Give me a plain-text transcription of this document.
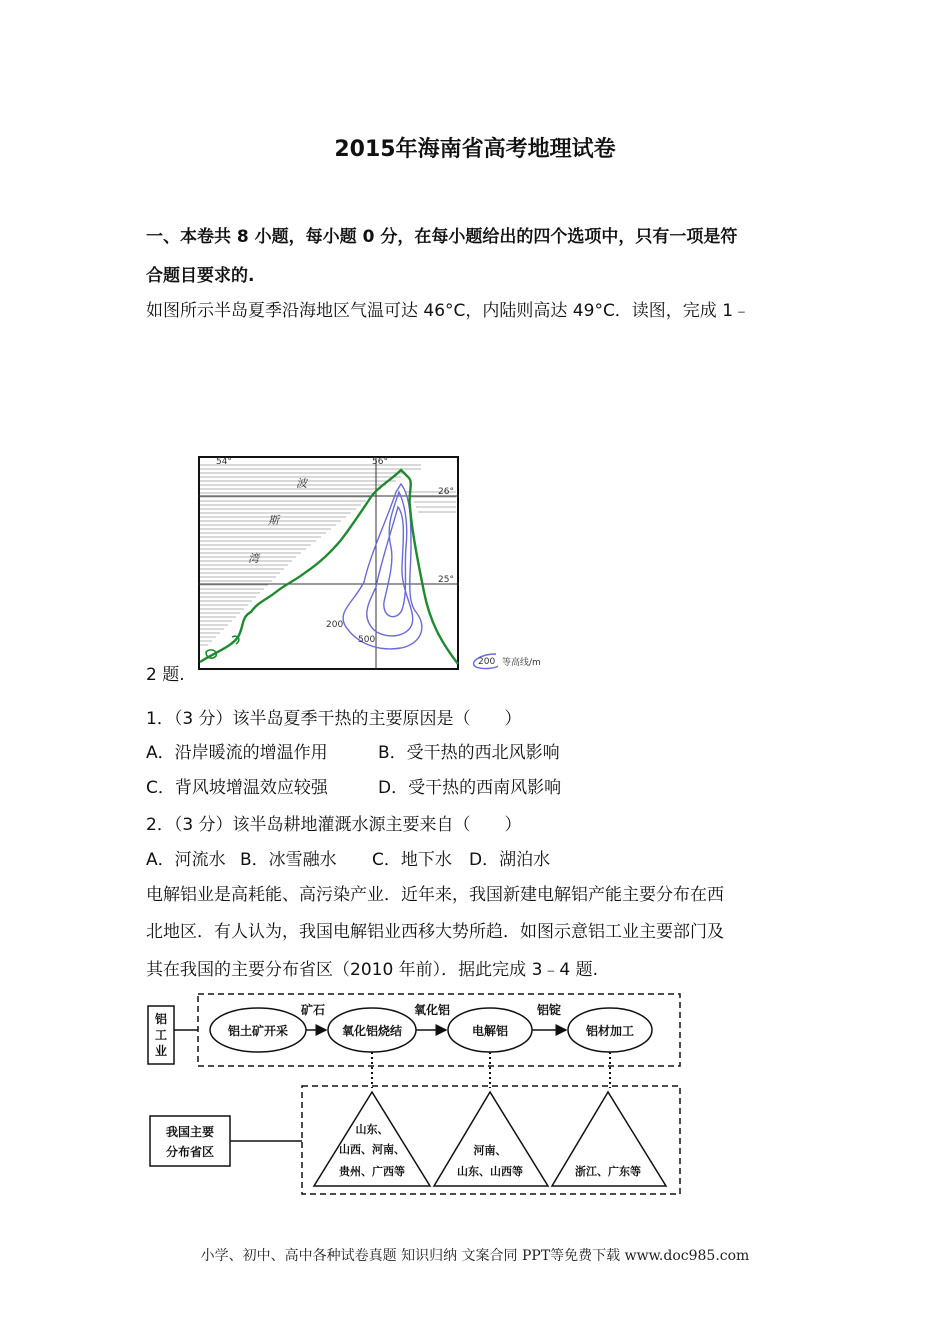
2015年海南省高考地理试卷
一、本卷共 8 小题，每小题 0 分，在每小题给出的四个选项中，只有一项是符
合题目要求的.
如图所示半岛夏季沿海地区气温可达 46°C，内陆则高达 49°C．读图，完成 1﹣
54°	56°
26°
25°
200
500
波
斯
湾
200 等高线/m
2 题.
1．（3 分）该半岛夏季干热的主要原因是（　　）
A．沿岸暖流的增温作用	B．受干热的西北风影响
C．背风坡增温效应较强	D．受干热的西南风影响
2．（3 分）该半岛耕地灌溉水源主要来自（　　）
A．河流水 B．冰雪融水 C．地下水 D．湖泊水
电解铝业是高耗能、高污染产业．近年来，我国新建电解铝产能主要分布在西
北地区．有人认为，我国电解铝业西移大势所趋．如图示意铝工业主要部门及
其在我国的主要分布省区（2010 年前）．据此完成 3﹣4 题.
铝
工
业
铝土矿开采	氧化铝烧结	电解铝	铝材加工
矿石	氧化铝	铝锭
我国主要
分布省区
山东、
山西、河南、
贵州、广西等
河南、
山东、山西等	浙江、广东等
小学、初中、高中各种试卷真题 知识归纳 文案合同 PPT等免费下载 www.doc985.com
